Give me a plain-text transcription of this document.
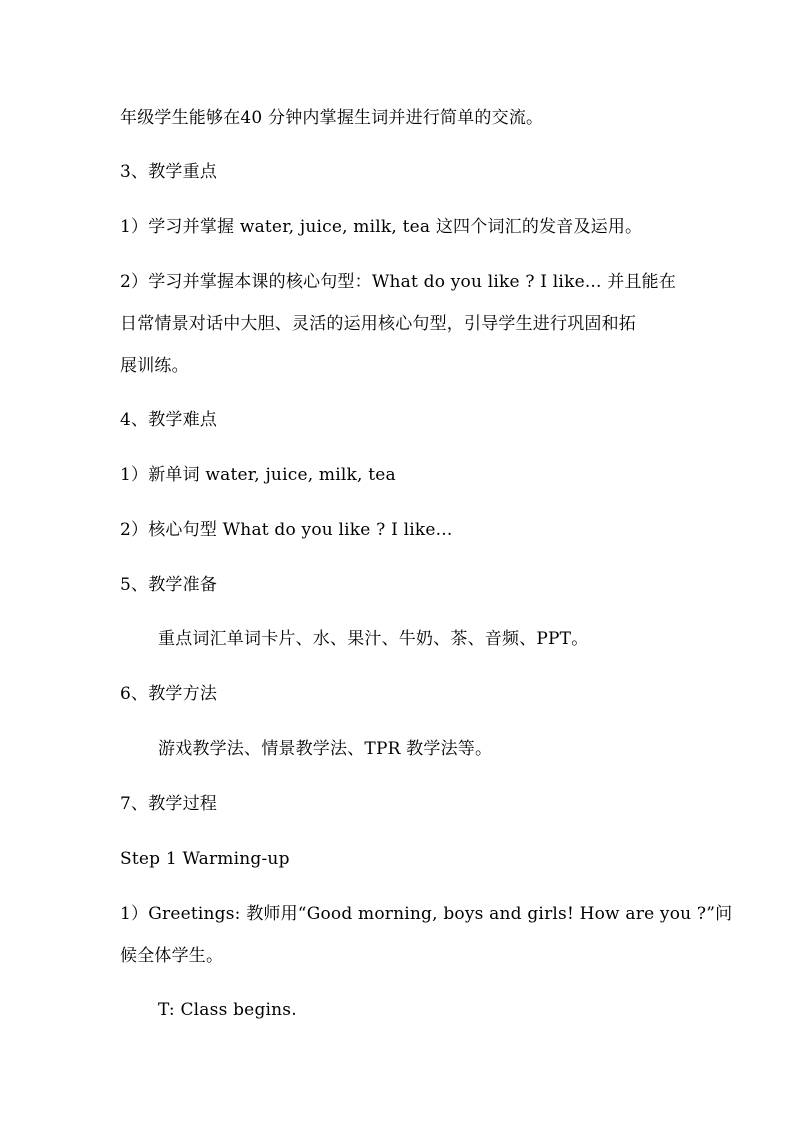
年级学生能够在40 分钟内掌握生词并进行简单的交流。
3、教学重点
1）学习并掌握 water, juice, milk, tea 这四个词汇的发音及运用。
2）学习并掌握本课的核心句型：What do you like ? I like... 并且能在
日常情景对话中大胆、灵活的运用核心句型，引导学生进行巩固和拓
展训练。
4、教学难点
1）新单词 water, juice, milk, tea
2）核心句型 What do you like ? I like...
5、教学准备
重点词汇单词卡片、水、果汁、牛奶、茶、音频、PPT。
6、教学方法
游戏教学法、情景教学法、TPR 教学法等。
7、教学过程
Step 1 Warming-up
1）Greetings: 教师用“Good morning, boys and girls! How are you ?”问
候全体学生。
T: Class begins.
